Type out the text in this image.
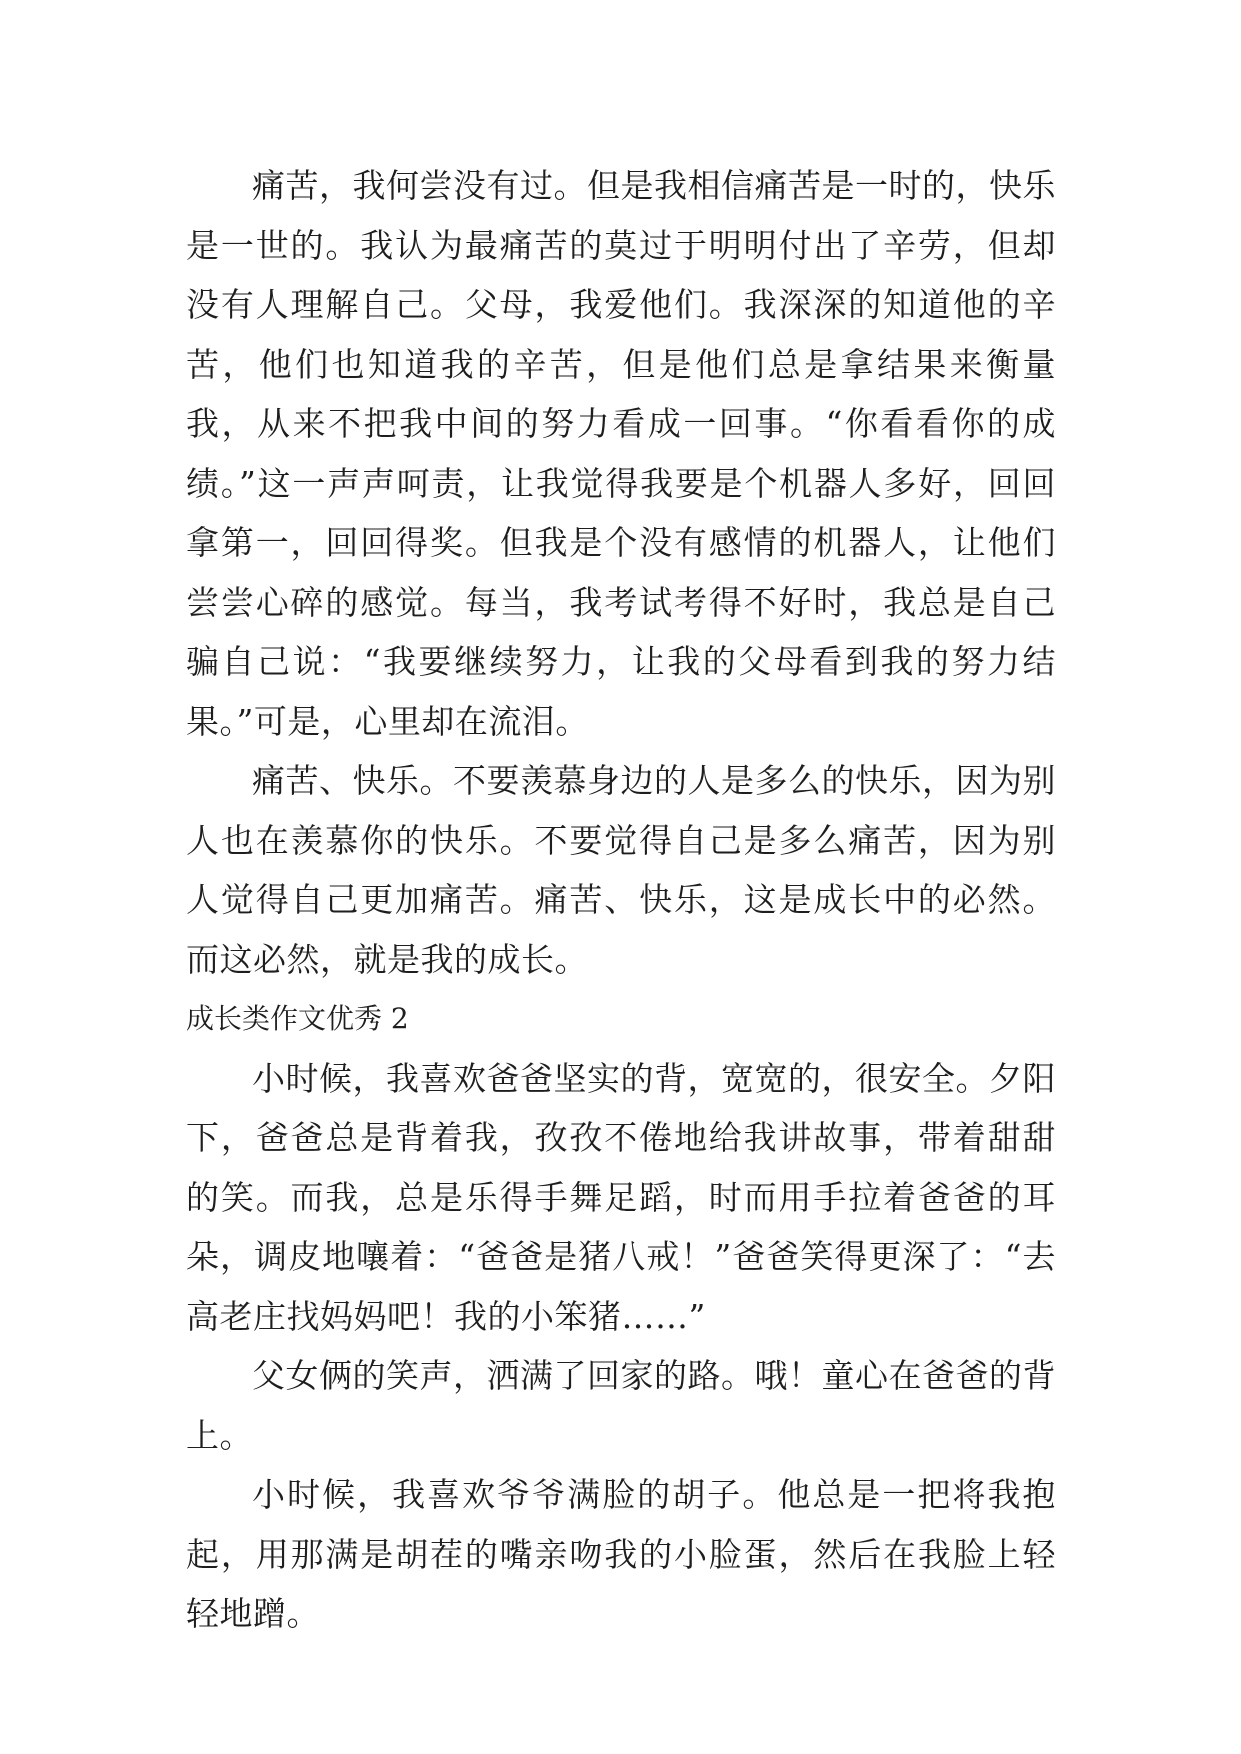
痛苦，我何尝没有过。但是我相信痛苦是一时的，快乐是一世的。我认为最痛苦的莫过于明明付出了辛劳，但却没有人理解自己。父母，我爱他们。我深深的知道他的辛苦，他们也知道我的辛苦，但是他们总是拿结果来衡量我，从来不把我中间的努力看成一回事。“你看看你的成绩。”这一声声呵责，让我觉得我要是个机器人多好，回回拿第一，回回得奖。但我是个没有感情的机器人，让他们尝尝心碎的感觉。每当，我考试考得不好时，我总是自己骗自己说：“我要继续努力，让我的父母看到我的努力结果。”可是，心里却在流泪。

痛苦、快乐。不要羡慕身边的人是多么的快乐，因为别人也在羡慕你的快乐。不要觉得自己是多么痛苦，因为别人觉得自己更加痛苦。痛苦、快乐，这是成长中的必然。而这必然，就是我的成长。

成长类作文优秀 2

小时候，我喜欢爸爸坚实的背，宽宽的，很安全。夕阳下，爸爸总是背着我，孜孜不倦地给我讲故事，带着甜甜的笑。而我，总是乐得手舞足蹈，时而用手拉着爸爸的耳朵，调皮地嚷着：“爸爸是猪八戒！”爸爸笑得更深了：“去高老庄找妈妈吧！我的小笨猪……”

父女俩的笑声，洒满了回家的路。哦！童心在爸爸的背上。

小时候，我喜欢爷爷满脸的胡子。他总是一把将我抱起，用那满是胡茬的嘴亲吻我的小脸蛋，然后在我脸上轻轻地蹭。
